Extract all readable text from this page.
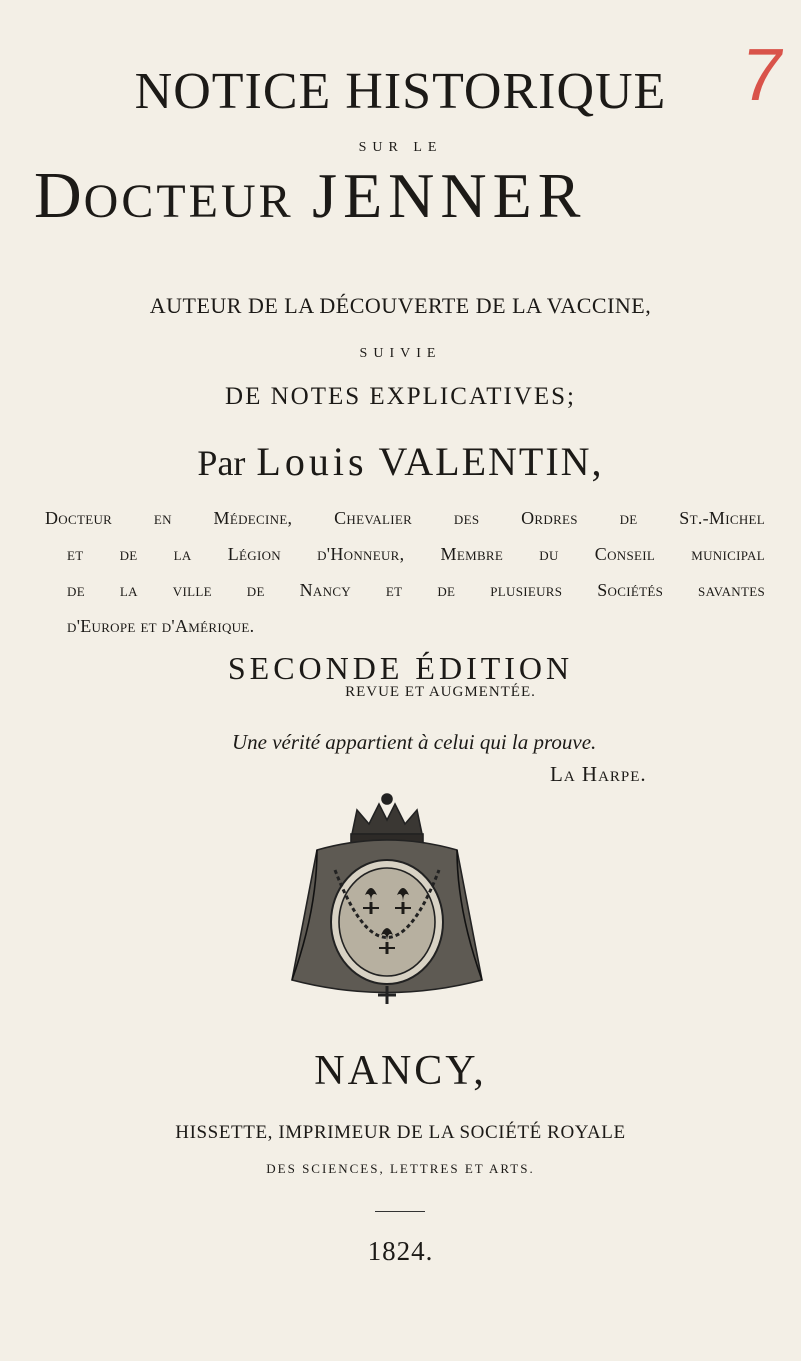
7
NOTICE HISTORIQUE
SUR LE
DOCTEUR JENNER
AUTEUR DE LA DÉCOUVERTE DE LA VACCINE,
SUIVIE
DE NOTES EXPLICATIVES;
Par Louis VALENTIN,
Docteur en Médecine, Chevalier des Ordres de St.-Michel
et de la Légion d'Honneur, Membre du Conseil municipal
de la ville de Nancy et de plusieurs Sociétés savantes
d'Europe et d'Amérique.
SECONDE ÉDITION
REVUE ET AUGMENTÉE.
Une vérité appartient à celui qui la prouve.
La Harpe.
NANCY,
HISSETTE, IMPRIMEUR DE LA SOCIÉTÉ ROYALE
DES SCIENCES, LETTRES ET ARTS.
1824.
